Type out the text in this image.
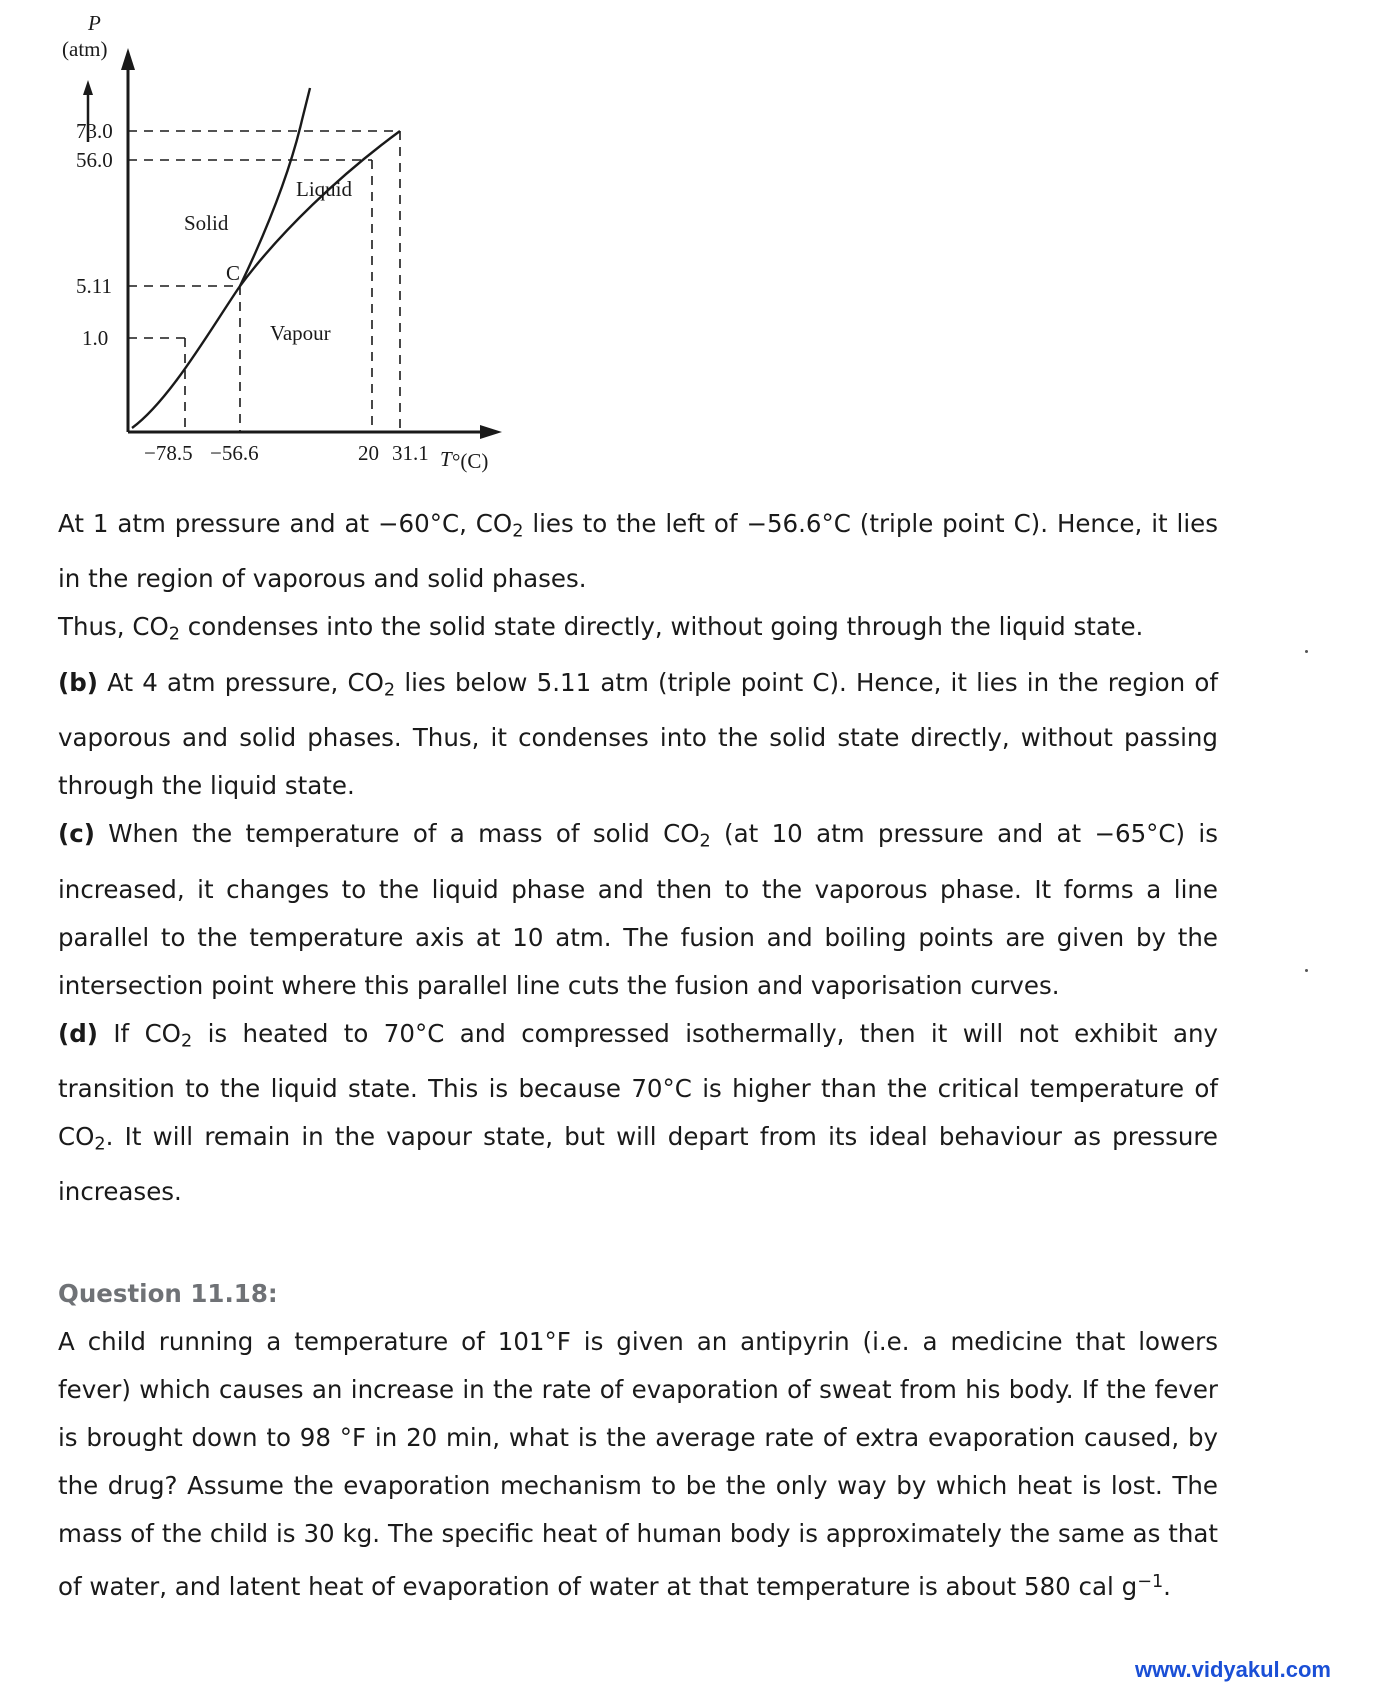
Solid
Liquid
Vapour
C
P
(atm)
73.0
56.0
5.11
1.0
−78.5 −56.6	20 31.1 T °(C)

At 1 atm pressure and at −60°C, $CO_2$ lies to the left of −56.6°C (triple point C). Hence, it lies in the region of vaporous and solid phases.

Thus, $CO_2$ condenses into the solid state directly, without going through the liquid state.

(b) At 4 atm pressure, $CO_2$ lies below 5.11 atm (triple point C). Hence, it lies in the region of vaporous and solid phases. Thus, it condenses into the solid state directly, without passing through the liquid state.

(c) When the temperature of a mass of solid $CO_2$ (at 10 atm pressure and at −65°C) is increased, it changes to the liquid phase and then to the vaporous phase. It forms a line parallel to the temperature axis at 10 atm. The fusion and boiling points are given by the intersection point where this parallel line cuts the fusion and vaporisation curves.

(d) If $CO_2$ is heated to 70°C and compressed isothermally, then it will not exhibit any transition to the liquid state. This is because 70°C is higher than the critical temperature of $CO_2$. It will remain in the vapour state, but will depart from its ideal behaviour as pressure increases.

Question 11.18:

A child running a temperature of 101°F is given an antipyrin (i.e. a medicine that lowers fever) which causes an increase in the rate of evaporation of sweat from his body. If the fever is brought down to 98 °F in 20 min, what is the average rate of extra evaporation caused, by the drug? Assume the evaporation mechanism to be the only way by which heat is lost. The mass of the child is 30 kg. The specific heat of human body is approximately the same as that of water, and latent heat of evaporation of water at that temperature is about 580 cal $g^{-1}$.

www.vidyakul.com
